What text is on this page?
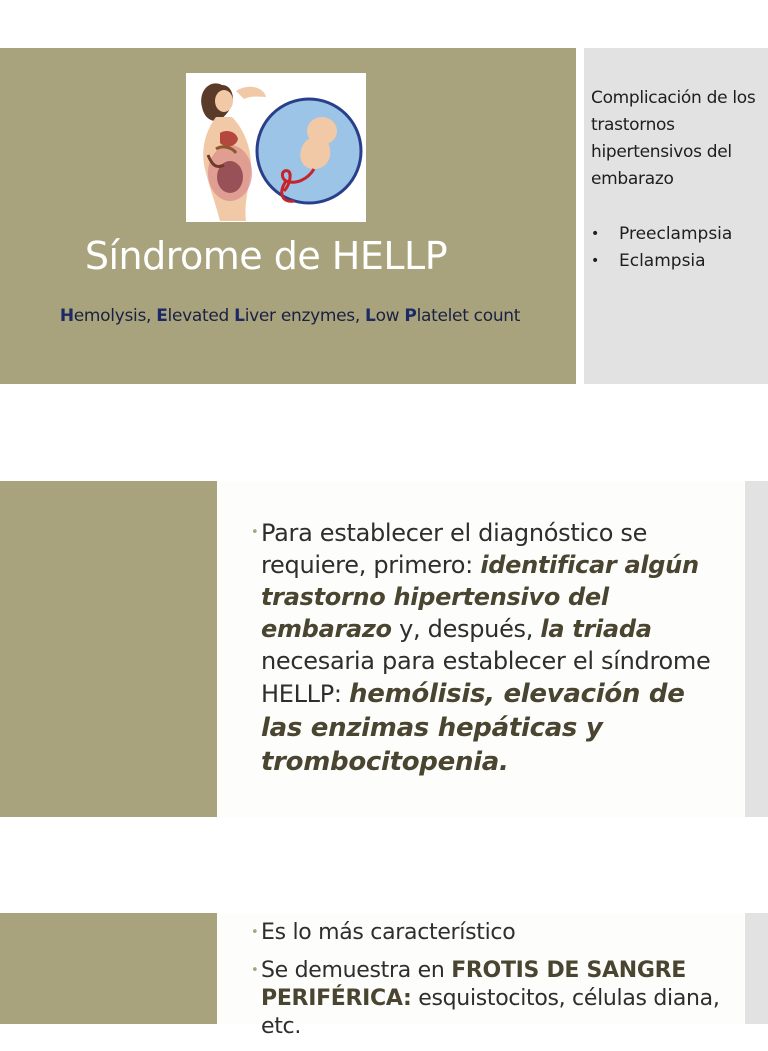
Síndrome de HELLP
Hemolysis, Elevated Liver enzymes, Low Platelet count
Complicación de los trastornos hipertensivos del embarazo
• Preeclampsia
• Eclampsia
• Para establecer el diagnóstico se requiere, primero: identificar algún trastorno hipertensivo del embarazo y, después, la triada necesaria para establecer el síndrome HELLP: hemólisis, elevación de las enzimas hepáticas y trombocitopenia.
• Es lo más característico
• Se demuestra en FROTIS DE SANGRE PERIFÉRICA: esquistocitos, células diana, etc.
